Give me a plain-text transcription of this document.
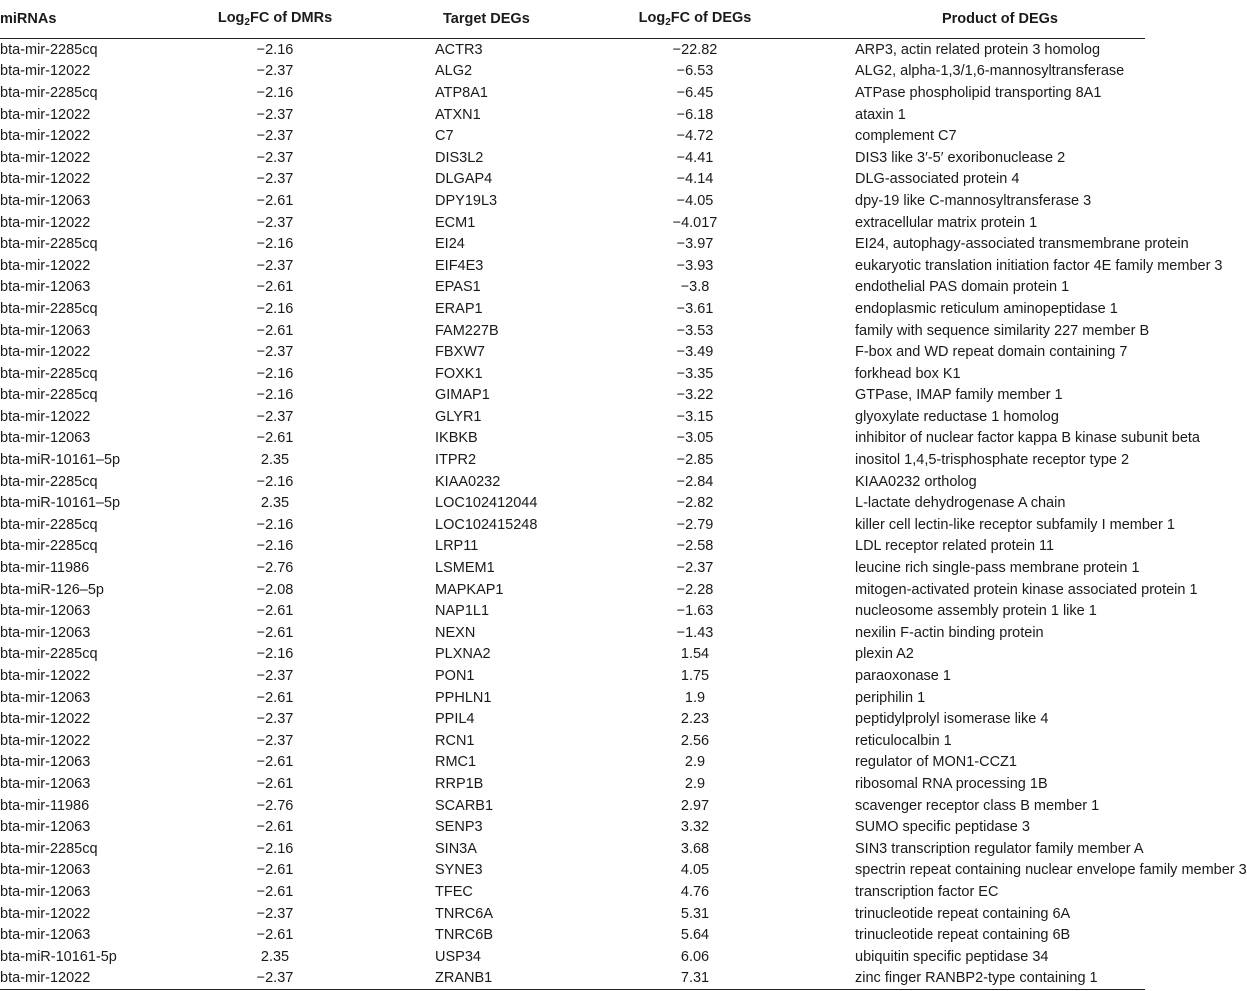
miRNAs	Log$_2$FC of DMRs	Target DEGs	Log$_2$FC of DEGs	Product of DEGs
bta-mir-2285cq	−2.16	ACTR3	−22.82	ARP3, actin related protein 3 homolog
bta-mir-12022	−2.37	ALG2	−6.53	ALG2, alpha-1,3/1,6-mannosyltransferase
bta-mir-2285cq	−2.16	ATP8A1	−6.45	ATPase phospholipid transporting 8A1
bta-mir-12022	−2.37	ATXN1	−6.18	ataxin 1
bta-mir-12022	−2.37	C7	−4.72	complement C7
bta-mir-12022	−2.37	DIS3L2	−4.41	DIS3 like 3′-5′ exoribonuclease 2
bta-mir-12022	−2.37	DLGAP4	−4.14	DLG-associated protein 4
bta-mir-12063	−2.61	DPY19L3	−4.05	dpy-19 like C-mannosyltransferase 3
bta-mir-12022	−2.37	ECM1	−4.017	extracellular matrix protein 1
bta-mir-2285cq	−2.16	EI24	−3.97	EI24, autophagy-associated transmembrane protein
bta-mir-12022	−2.37	EIF4E3	−3.93	eukaryotic translation initiation factor 4E family member 3
bta-mir-12063	−2.61	EPAS1	−3.8	endothelial PAS domain protein 1
bta-mir-2285cq	−2.16	ERAP1	−3.61	endoplasmic reticulum aminopeptidase 1
bta-mir-12063	−2.61	FAM227B	−3.53	family with sequence similarity 227 member B
bta-mir-12022	−2.37	FBXW7	−3.49	F-box and WD repeat domain containing 7
bta-mir-2285cq	−2.16	FOXK1	−3.35	forkhead box K1
bta-mir-2285cq	−2.16	GIMAP1	−3.22	GTPase, IMAP family member 1
bta-mir-12022	−2.37	GLYR1	−3.15	glyoxylate reductase 1 homolog
bta-mir-12063	−2.61	IKBKB	−3.05	inhibitor of nuclear factor kappa B kinase subunit beta
bta-miR-10161–5p	2.35	ITPR2	−2.85	inositol 1,4,5-trisphosphate receptor type 2
bta-mir-2285cq	−2.16	KIAA0232	−2.84	KIAA0232 ortholog
bta-miR-10161–5p	2.35	LOC102412044	−2.82	L-lactate dehydrogenase A chain
bta-mir-2285cq	−2.16	LOC102415248	−2.79	killer cell lectin-like receptor subfamily I member 1
bta-mir-2285cq	−2.16	LRP11	−2.58	LDL receptor related protein 11
bta-mir-11986	−2.76	LSMEM1	−2.37	leucine rich single-pass membrane protein 1
bta-miR-126–5p	−2.08	MAPKAP1	−2.28	mitogen-activated protein kinase associated protein 1
bta-mir-12063	−2.61	NAP1L1	−1.63	nucleosome assembly protein 1 like 1
bta-mir-12063	−2.61	NEXN	−1.43	nexilin F-actin binding protein
bta-mir-2285cq	−2.16	PLXNA2	1.54	plexin A2
bta-mir-12022	−2.37	PON1	1.75	paraoxonase 1
bta-mir-12063	−2.61	PPHLN1	1.9	periphilin 1
bta-mir-12022	−2.37	PPIL4	2.23	peptidylprolyl isomerase like 4
bta-mir-12022	−2.37	RCN1	2.56	reticulocalbin 1
bta-mir-12063	−2.61	RMC1	2.9	regulator of MON1-CCZ1
bta-mir-12063	−2.61	RRP1B	2.9	ribosomal RNA processing 1B
bta-mir-11986	−2.76	SCARB1	2.97	scavenger receptor class B member 1
bta-mir-12063	−2.61	SENP3	3.32	SUMO specific peptidase 3
bta-mir-2285cq	−2.16	SIN3A	3.68	SIN3 transcription regulator family member A
bta-mir-12063	−2.61	SYNE3	4.05	spectrin repeat containing nuclear envelope family member 3
bta-mir-12063	−2.61	TFEC	4.76	transcription factor EC
bta-mir-12022	−2.37	TNRC6A	5.31	trinucleotide repeat containing 6A
bta-mir-12063	−2.61	TNRC6B	5.64	trinucleotide repeat containing 6B
bta-miR-10161-5p	2.35	USP34	6.06	ubiquitin specific peptidase 34
bta-mir-12022	−2.37	ZRANB1	7.31	zinc finger RANBP2-type containing 1
